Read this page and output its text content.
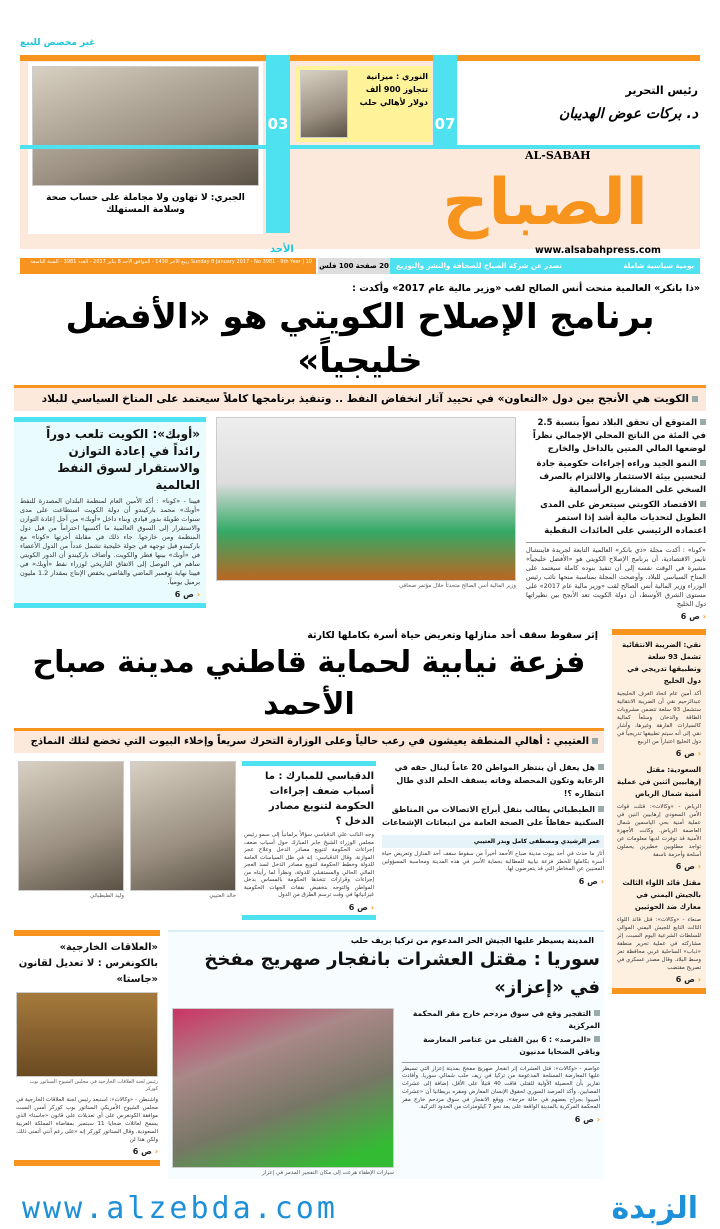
غير مخصص للبيع
الجبري: لا تهاون ولا مجاملة على حساب صحة وسلامة المستهلك
03
النوري : ميزانية
تتجاوز 900 ألف
دولار لأهالي حلب
07
رئيس التحرير
د. بركات عوض الهديبان
AL-SABAH
الصباح
www.alsabahpress.com
الأحد
Sunday 8 January 2017 - No 3981 - 9th Year | 10 ربيع الآخر 1438 - الموافق الأحد 8 يناير 2017 - العدد 3981 - السنة التاسعة	20 صفحة
100 فلس	يومية سياسية شاملة
تصدر عن شركة الصباح للصحافة والنشر والتوزيع
«ذا بانكر» العالمية منحت أنس الصالح لقب «وزير مالية عام 2017» وأكدت :
برنامج الإصلاح الكويتي هو «الأفضل خليجياً»
الكويت هي الأنجح بين دول «التعاون» في تحييد آثار انخفاض النفط .. وتنفيذ برنامجها كاملاً سيعتمد على المناخ السياسي للبلاد
المتوقع أن تحقق البلاد نمواً بنسبة 2.5 في المئة من الناتج المحلي الإجمالي نظراً لوضعها المالي المتين بالداخل والخارج
النمو الجيد وراءه إجراءات حكومية جادة لتحسين بيئة الاستثمار والالتزام بالصرف السخي على المشاريع الرأسمالية
الاقتصاد الكويتي سيتعرض على المدى الطويل لتحديات مالية أشد إذا استمر اعتماده الرئيسي على العائدات النفطية
«كونا» : أكدت مجلة «ذي بانكر» العالمية التابعة لجريدة فايننشال تايمز الاقتصادية، أن برنامج الإصلاح الكويتي هو «الأفضل خليجياً» مشيرة في الوقت نفسه إلى أن تنفيذ بنوده كاملة سيعتمد على المناخ السياسي للبلاد. وأوضحت المجلة بمناسبة منحها نائب رئيس الوزراء وزير المالية أنس الصالح لقب «وزير مالية عام 2017» على مستوى الشرق الأوسط، أن دولة الكويت تعد الأنجح بين نظيراتها دول الخليج
‹ ص 6
وزير المالية أنس الصالح متحدثاً خلال مؤتمر صحافي
«أوبك»: الكويت تلعب دوراً رائداً في إعادة التوازن والاستقرار لسوق النفط العالمية
فيينا - «كونا» : أكد الأمين العام لمنظمة البلدان المصدرة للنفط «أوبك» محمد باركيندو أن دولة الكويت استطاعت على مدى سنوات طويلة بدور قيادي وبناء داخل «أوبك» من أجل إعادة التوازن والاستقرار إلى السوق العالمية ما أكسبها احتراماً من قبل دول المنظمة ومن خارجها. جاء ذلك في مقابلة أجرتها «كونا» مع باركيندو قبل توجهه في جولة خليجية تشمل عدداً من الدول الأعضاء في «أوبك» بينها قطر والكويت. وأضاف باركيندو أن الدور الكويتي ساهم في التوصل إلى الاتفاق التاريخي لوزراء نفط «أوبك» في فيينا نهاية نوفمبر الماضي والقاضي بخفض الإنتاج بمقدار 1.2 مليون برميل يومياً.
‹ ص 6
نقي: الضريبة الانتقائية تشمل 93 سلعة وتطبيقها تدريجي في دول الخليج
أكد أمين عام اتحاد الغرف الخليجية عبدالرحيم نقي أن الضريبة الانتقائية ستشمل 93 سلعة تتضمن مشروبات الطاقة والدخان وسلعاً كمالية كالسيارات الفارهة وغيرها، وأشار نقي إلى أنه سيتم تطبيقها تدريجياً في دول الخليج اعتباراً من الربيع
‹ ص 6
السعودية: مقتل إرهابيين اثنين في عملية أمنية شمال الرياض
الرياض - «وكالات»: قتلت قوات الأمن السعودي إرهابيين اثنين في عملية أمنية بحي الياسمين شمال العاصمة الرياض. وكانت الأجهزة الأمنية قد توفرت لديها معلومات عن تواجد مطلوبين خطيرين يحملون أسلحة وأحزمة ناسفة
‹ ص 6
مقتل قائد اللواء الثالث بالجيش اليمني في معارك ضد الحوثيين
صنعاء - «وكالات»: قتل قائد اللواء الثالث التابع للجيش اليمني الموالي للسلطات الشرعية اليوم السبت، إثر مشاركته في عملية تحرير منطقة «ذباب» الساحلية غربي محافظة تعز وسط البلاد. وقال مصدر عسكري في تصريح مقتضب
‹ ص 6
إثر سقوط سقف أحد منازلها وتعريض حياة أسرة بكاملها لكارثة
فزعة نيابية لحماية قاطني مدينة صباح الأحمد
العتيبي : أهالي المنطقة يعيشون في رعب حالياً وعلى الوزارة التحرك سريعاً وإخلاء البيوت التي تخضع لتلك النماذج
هل يعقل أن ينتظر المواطن 20 عاماً لينال حقه في الرعاية وتكون المحصلة وفاته بسقف الحلم الذي طال انتظاره ؟!
الطبطبائي يطالب بنقل أبراج الاتصالات من المناطق السكنية حفاظاً على الصحة العامة من انبعاثات الإشعاعات
عمر الرشيدي ومصطفى كامل وبدر العتيبي
أثار ما حدث في أحد بيوت مدينة صباح الأحمد أخيراً من سقوط سقف أحد المنازل وتعريض حياة أسرة بكاملها للخطر فزعة نيابية للمطالبة بحماية الأسر في هذه المدينة ومحاسبة المسؤولين المعنيين عن المخاطر التي قد يتعرضون لها.
‹ ص 6
الدقباسي للمبارك : ما أسباب ضعف إجراءات الحكومة لتنويع مصادر الدخل ؟
وجه النائب علي الدقباسي سؤالاً برلمانياً إلى سمو رئيس مجلس الوزراء الشيخ جابر المبارك حول أسباب ضعف إجراءات الحكومة لتنويع مصادر الدخل وعلاج عجز الموازنة. وقال الدقباسي: إنه في ظل السياسات العامة للدولة وخطط الحكومة لتنويع مصادر الدخل لسد العجز المالي الحالي والمستقبلي للدولة، ونظراً لما رأيناه من إجراءات وقرارات تتخذها الحكومة بالمساس بدخل المواطن والتوجه بتخفيض نفقات الجهات الحكومية غيزانياتها في وقت ترسم الطرق من الدول
‹ ص 6
خالد العتيبي
وليد الطبطبائي
المدينة يسيطر عليها الجيش الحر المدعوم من تركيا بريف حلب
سوريا : مقتل العشرات بانفجار صهريج مفخخ في «إعزاز»
التفجير وقع في سوق مزدحم خارج مقر المحكمة المركزية
«المرصد» : 6 بين القتلى من عناصر المعارضة وباقي الضحايا مدنيون
عواصم - «وكالات»: قتل العشرات إثر انفجار صهريج مفخخ بمدينة إعزاز التي تسيطر عليها المعارضة المسلحة المدعومة من تركيا في ريف حلب شمالي سوريا. وأفادت تقارير بأن الحصيلة الأولية للقتلى فاقت 40 قتيلاً على الأقل، إضافة إلى عشرات المصابين. وأكد المرصد السوري لحقوق الإنسان المعارض ومقره بريطانيا أن «عشرات أصيبوا بجراح بعضهم في حالة حرجة». ووقع الانفجار في سوق مزدحم خارج مقر المحكمة المركزية بالمدينة الواقعة على بعد نحو 7 كيلومترات من الحدود التركية.
‹ ص 6
سيارات الإطفاء هرعت إلى مكان التفجير المدمر في إعزاز
«العلاقات الخارجية» بالكونغرس : لا تعديل لقانون «جاستا»
رئيس لجنة العلاقات الخارجية في مجلس الشيوخ السناتور بوب كوركر
واشنطن - «وكالات»: استبعد رئيس لجنة العلاقات الخارجية في مجلس الشيوخ الأمريكي السناتور بوب كوركر أمس السبت موافقة الكونغرس على أي تعديلات على قانون «جاستا» الذي يسمح لعائلات ضحايا 11 سبتمبر بمقاضاة المملكة العربية السعودية. وقال السناتور كوركر إنه «على رغم أنني أتمنى ذلك، ولكن هذا لن
‹ ص 6
الزبدة
www.alzebda.com
